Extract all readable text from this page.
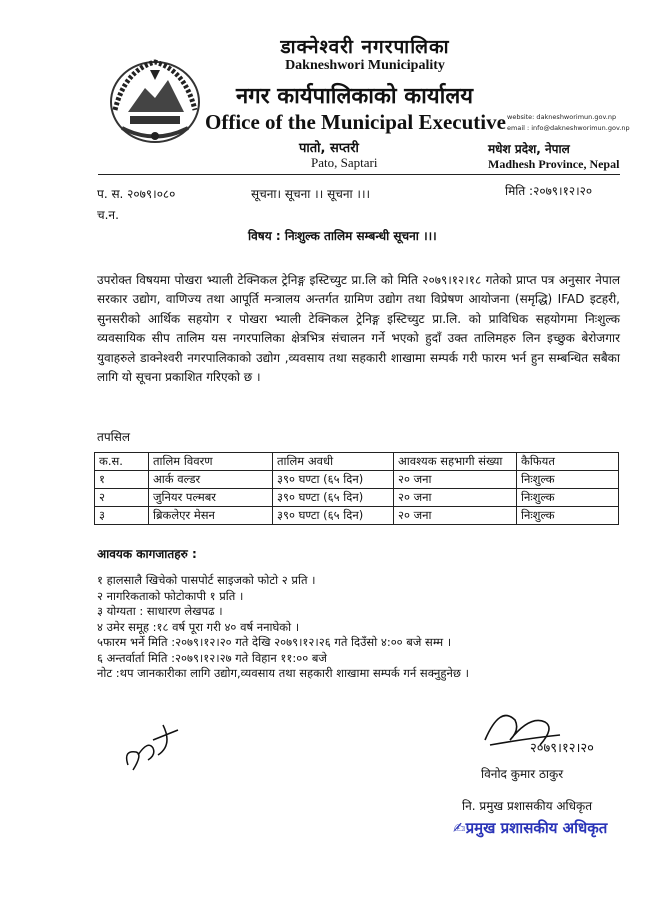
डाक्नेश्वरी नगरपालिका
Dakneshwori Municipality
नगर कार्यपालिकाको कार्यालय
Office of the Municipal Executive website: dakneshworimun.gov.np
email : info@dakneshworimun.gov.np
पातो, सप्तरी
Pato, Saptari
मधेश प्रदेश, नेपाल
Madhesh Province, Nepal
प. स. २०७९।०८०	सूचना। सूचना ।। सूचना ।।।	मिति :२०७९।१२।२०
च.न.
विषय : निःशुल्क तालिम सम्बन्धी सूचना ।।।
उपरोक्त विषयमा पोखरा भ्याली टेक्निकल ट्रेनिङ्ग इस्टिच्युट प्रा.लि को मिति २०७९।१२।१८ गतेको प्राप्त पत्र अनुसार नेपाल सरकार उद्योग, वाणिज्य तथा आपूर्ति मन्त्रालय अन्तर्गत ग्रामिण उद्योग तथा विप्रेषण आयोजना (समृद्धि) IFAD इटहरी, सुनसरीको आर्थिक सहयोग र पोखरा भ्याली टेक्निकल ट्रेनिङ्ग इस्टिच्युट प्रा.लि. को प्राविधिक सहयोगमा निःशुल्क व्यवसायिक सीप तालिम यस नगरपालिका क्षेत्रभित्र संचालन गर्ने भएको हुदाँ उक्त तालिमहरु लिन इच्छुक बेरोजगार युवाहरुले डाक्नेश्वरी नगरपालिकाको उद्योग ,व्यवसाय तथा सहकारी शाखामा सम्पर्क गरी फारम भर्न हुन सम्बन्धित सबैका लागि यो सूचना प्रकाशित गरिएको छ ।
तपसिल
क.स.	तालिम विवरण	तालिम अवधी	आवश्यक सहभागी संख्या	कैफियत
१	आर्क वल्डर	३९० घण्टा (६५ दिन)	२० जना	निःशुल्क
२	जुनियर पल्मबर	३९० घण्टा (६५ दिन)	२० जना	निःशुल्क
३	ब्रिकलेएर मेसन	३९० घण्टा (६५ दिन)	२० जना	निःशुल्क
आवयक कागजातहरु :
१ हालसालै खिचेको पासपोर्ट साइजको फोटो २ प्रति ।
२ नागरिकताको फोटोकापी १ प्रति ।
३ योग्यता : साधारण लेखपढ ।
४ उमेर समूह :१८ वर्ष पूरा गरी ४० वर्ष ननाघेको ।
५फारम भर्ने मिति :२०७९।१२।२० गते देखि २०७९।१२।२६ गते दिउँसो ४:०० बजे सम्म ।
६ अन्तर्वार्ता मिति :२०७९।१२।२७ गते विहान ११:०० बजे
नोट :थप जानकारीका लागि उद्योग,व्यवसाय तथा सहकारी शाखामा सम्पर्क गर्न सक्नुहुनेछ ।
२०७९।१२।२०
विनोद कुमार ठाकुर
नि. प्रमुख प्रशासकीय अधिकृत
✍प्रमुख प्रशासकीय अधिकृत
